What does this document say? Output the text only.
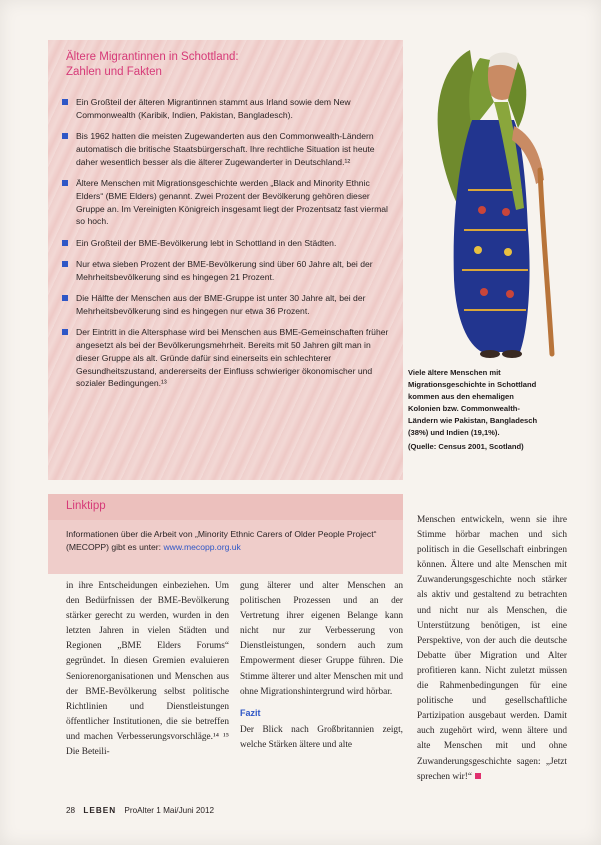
Ältere Migrantinnen in Schottland:
Zahlen und Fakten
Ein Großteil der älteren Migrantinnen stammt aus Irland sowie dem New Commonwealth (Karibik, Indien, Pakistan, Bangladesch).
Bis 1962 hatten die meisten Zugewanderten aus den Commonwealth-Ländern automatisch die britische Staatsbürgerschaft. Ihre rechtliche Situation ist heute daher wesentlich besser als die älterer Zugewanderter in Deutschland.¹²
Ältere Menschen mit Migrationsgeschichte werden „Black and Minority Ethnic Elders“ (BME Elders) genannt. Zwei Prozent der Bevölkerung gehören dieser Gruppe an. Im Vereinigten Königreich insgesamt liegt der Prozentsatz fast viermal so hoch.
Ein Großteil der BME-Bevölkerung lebt in Schottland in den Städten.
Nur etwa sieben Prozent der BME-Bevölkerung sind über 60 Jahre alt, bei der Mehrheitsbevölkerung sind es hingegen 21 Prozent.
Die Hälfte der Menschen aus der BME-Gruppe ist unter 30 Jahre alt, bei der Mehrheitsbevölkerung sind es hingegen nur etwa 36 Prozent.
Der Eintritt in die Altersphase wird bei Menschen aus BME-Gemeinschaften früher angesetzt als bei der Bevölkerungsmehrheit. Bereits mit 50 Jahren gilt man in dieser Gruppe als alt. Gründe dafür sind einerseits ein schlechterer Gesundheitszustand, andererseits der Einfluss schwieriger ökonomischer und sozialer Bedingungen.¹³
Viele ältere Menschen mit Migrationsgeschichte in Schottland kommen aus den ehemaligen Kolonien bzw. Commonwealth-Ländern wie Pakistan, Bangladesch (38%) und Indien (19,1%).
(Quelle: Census 2001, Scotland)
Linktipp
Informationen über die Arbeit von „Minority Ethnic Carers of Older People Project“ (MECOPP) gibt es unter: www.mecopp.org.uk
in ihre Entscheidungen einbeziehen. Um den Bedürfnissen der BME-Bevölkerung stärker gerecht zu werden, wurden in den letzten Jahren in vielen Städten und Regionen „BME Elders Forums“ gegründet. In diesen Gremien evaluieren Seniorenorganisationen und Menschen aus der BME-Bevölkerung selbst politische Richtlinien und Dienstleistungen öffentlicher Institutionen, die sie betreffen und machen Verbesserungsvorschläge.¹⁴ ¹⁵ Die Beteili-
gung älterer und alter Menschen an politischen Prozessen und an der Vertretung ihrer eigenen Belange kann nicht nur zur Verbesserung von Dienstleistungen, sondern auch zum Empowerment dieser Gruppe führen. Die Stimme älterer und alter Menschen mit und ohne Migrationshintergrund wird hörbar.
Fazit
Der Blick nach Großbritannien zeigt, welche Stärken ältere und alte
Menschen entwickeln, wenn sie ihre Stimme hörbar machen und sich politisch in die Gesellschaft einbringen können. Ältere und alte Menschen mit Zuwanderungsgeschichte noch stärker als aktiv und gestaltend zu betrachten und nicht nur als Menschen, die Unterstützung benötigen, ist eine Perspektive, von der auch die deutsche Debatte über Migration und Alter profitieren kann. Nicht zuletzt müssen die Rahmenbedingungen für eine politische und gesellschaftliche Partizipation ausgebaut werden. Damit auch zugehört wird, wenn ältere und alte Menschen mit und ohne Zuwanderungsgeschichte sagen: „Jetzt sprechen wir!“
28 LEBEN ProAlter 1 Mai/Juni 2012
